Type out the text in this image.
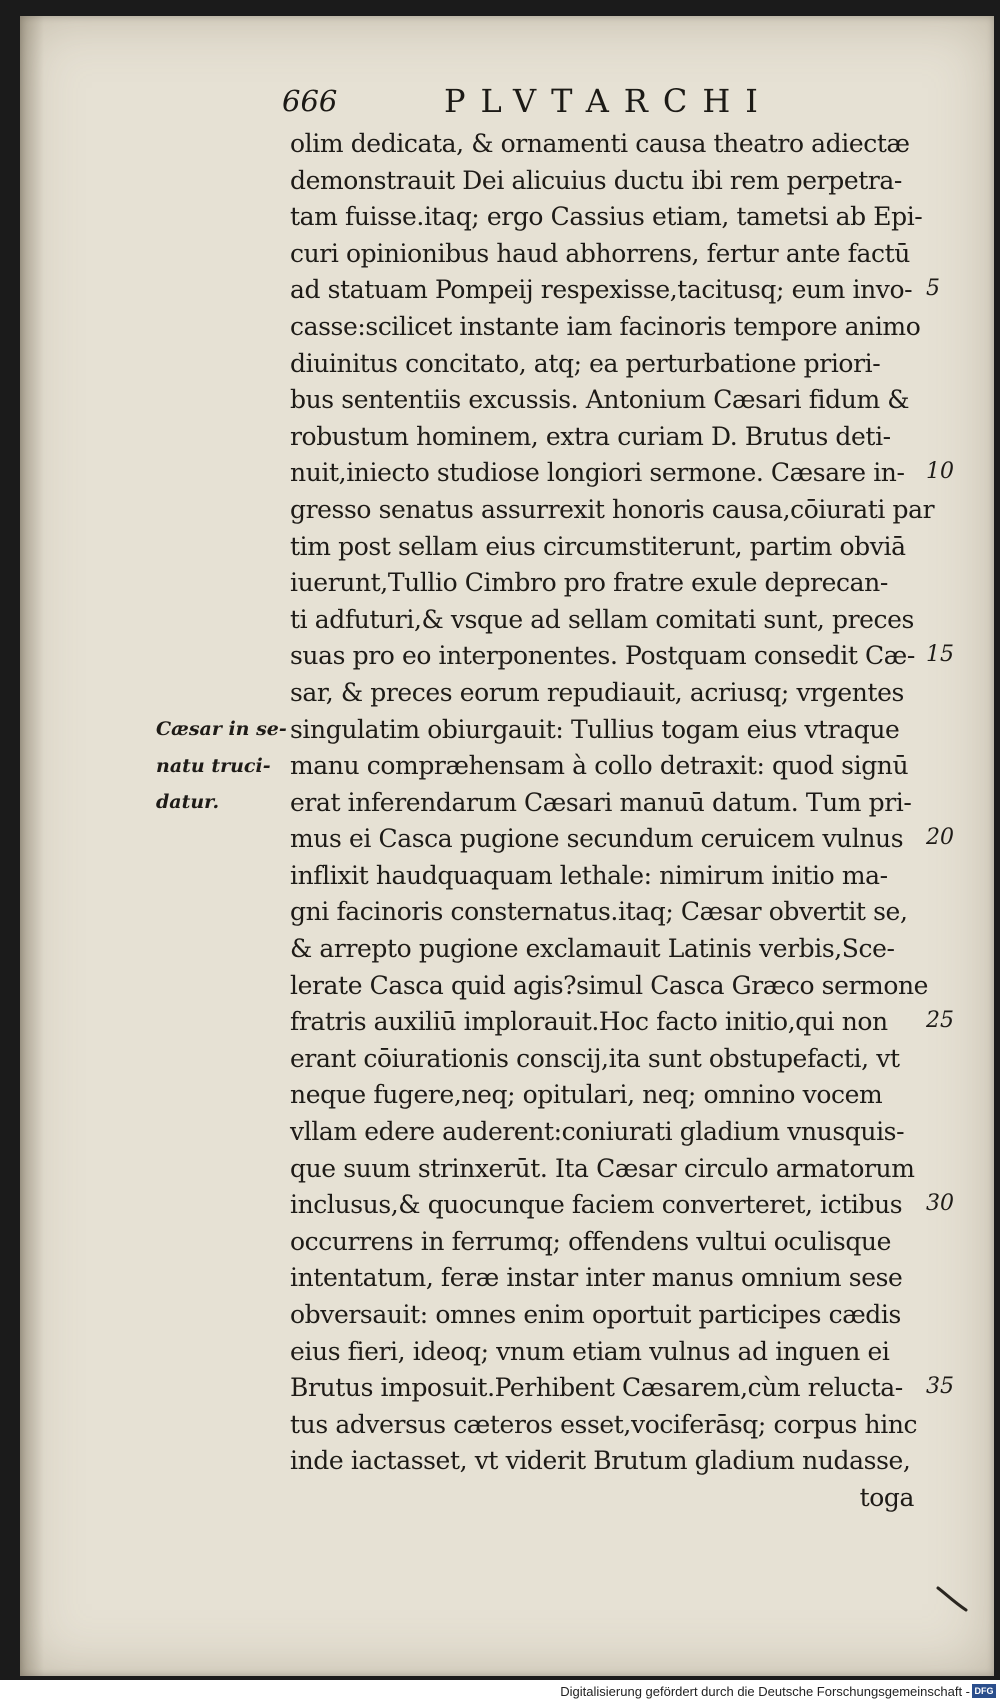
666	PLVTARCHI
olim dedicata, & ornamenti causa theatro adiectæ
demonstrauit Dei alicuius ductu ibi rem perpetra-
tam fuisse.itaq; ergo Cassius etiam, tametsi ab Epi-
curi opinionibus haud abhorrens, fertur ante factū
ad statuam Pompeij respexisse,tacitusq; eum invo-
casse:scilicet instante iam facinoris tempore animo
diuinitus concitato, atq; ea perturbatione priori-
bus sententiis excussis. Antonium Cæsari fidum &
robustum hominem, extra curiam D. Brutus deti-
nuit,iniecto studiose longiori sermone. Cæsare in-
gresso senatus assurrexit honoris causa,cōiurati par
tim post sellam eius circumstiterunt, partim obviā
iuerunt,Tullio Cimbro pro fratre exule deprecan-
ti adfuturi,& vsque ad sellam comitati sunt, preces
suas pro eo interponentes. Postquam consedit Cæ-
sar, & preces eorum repudiauit, acriusq; vrgentes
singulatim obiurgauit: Tullius togam eius vtraque
manu compræhensam à collo detraxit: quod signū
erat inferendarum Cæsari manuū datum. Tum pri-
mus ei Casca pugione secundum ceruicem vulnus
inflixit haudquaquam lethale: nimirum initio ma-
gni facinoris consternatus.itaq; Cæsar obvertit se,
& arrepto pugione exclamauit Latinis verbis,Sce-
lerate Casca quid agis?simul Casca Græco sermone
fratris auxiliū implorauit.Hoc facto initio,qui non
erant cōiurationis conscij,ita sunt obstupefacti, vt
neque fugere,neq; opitulari, neq; omnino vocem
vllam edere auderent:coniurati gladium vnusquis-
que suum strinxerūt. Ita Cæsar circulo armatorum
inclusus,& quocunque faciem converteret, ictibus
occurrens in ferrumq; offendens vultui oculisque
intentatum, feræ instar inter manus omnium sese
obversauit: omnes enim oportuit participes cædis
eius fieri, ideoq; vnum etiam vulnus ad inguen ei
Brutus imposuit.Perhibent Cæsarem,cùm relucta-
tus adversus cæteros esset,vociferāsq; corpus hinc
inde iactasset, vt viderit Brutum gladium nudasse,
toga
5
10
15
20
25
30
35
Cæsar in se-
natu truci-
datur.
Digitalisierung gefördert durch die Deutsche Forschungsgemeinschaft - DFG
